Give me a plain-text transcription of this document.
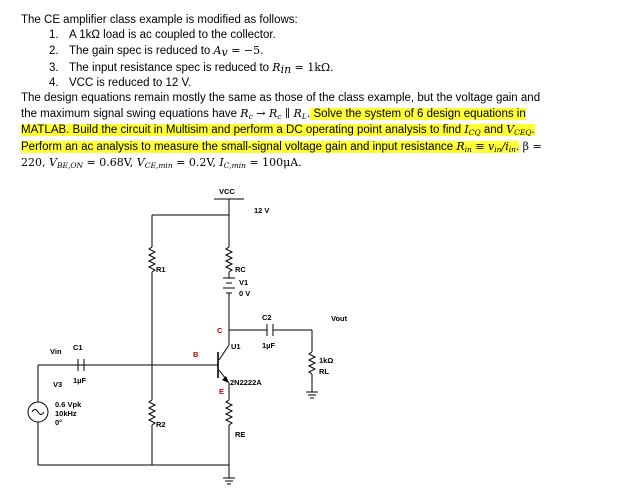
The CE amplifier class example is modified as follows:
1. A 1kΩ load is ac coupled to the collector.
2. The gain spec is reduced to $A_v = -5$.
3. The input resistance spec is reduced to $R_{in} = 1k\Omega$.
4. VCC is reduced to 12 V.
The design equations remain mostly the same as those of the class example, but the voltage gain and
the maximum signal swing equations have $R_c \to R_c$ ∥ $R_L$. Solve the system of 6 design equations in
MATLAB. Build the circuit in Multisim and perform a DC operating point analysis to find $I_{CQ}$ and $V_{CEQ}$.
Perform an ac analysis to measure the small-signal voltage gain and input resistance $R_{in} \equiv v_{in}/i_{in}$. β =
220, $V_{BE,ON} = 0.68V$, $V_{CE,min} = 0.2V$, $I_{C,min} = 100\mu A$.
VCC
12 V
R1	RC
V1
0 V
C
C2
1µF
Vout
1kΩ
RL
U1
2N2222A
E
B
C1
1µF
Vin
V3
0.6 Vpk
10kHz
0°	R2
RE
